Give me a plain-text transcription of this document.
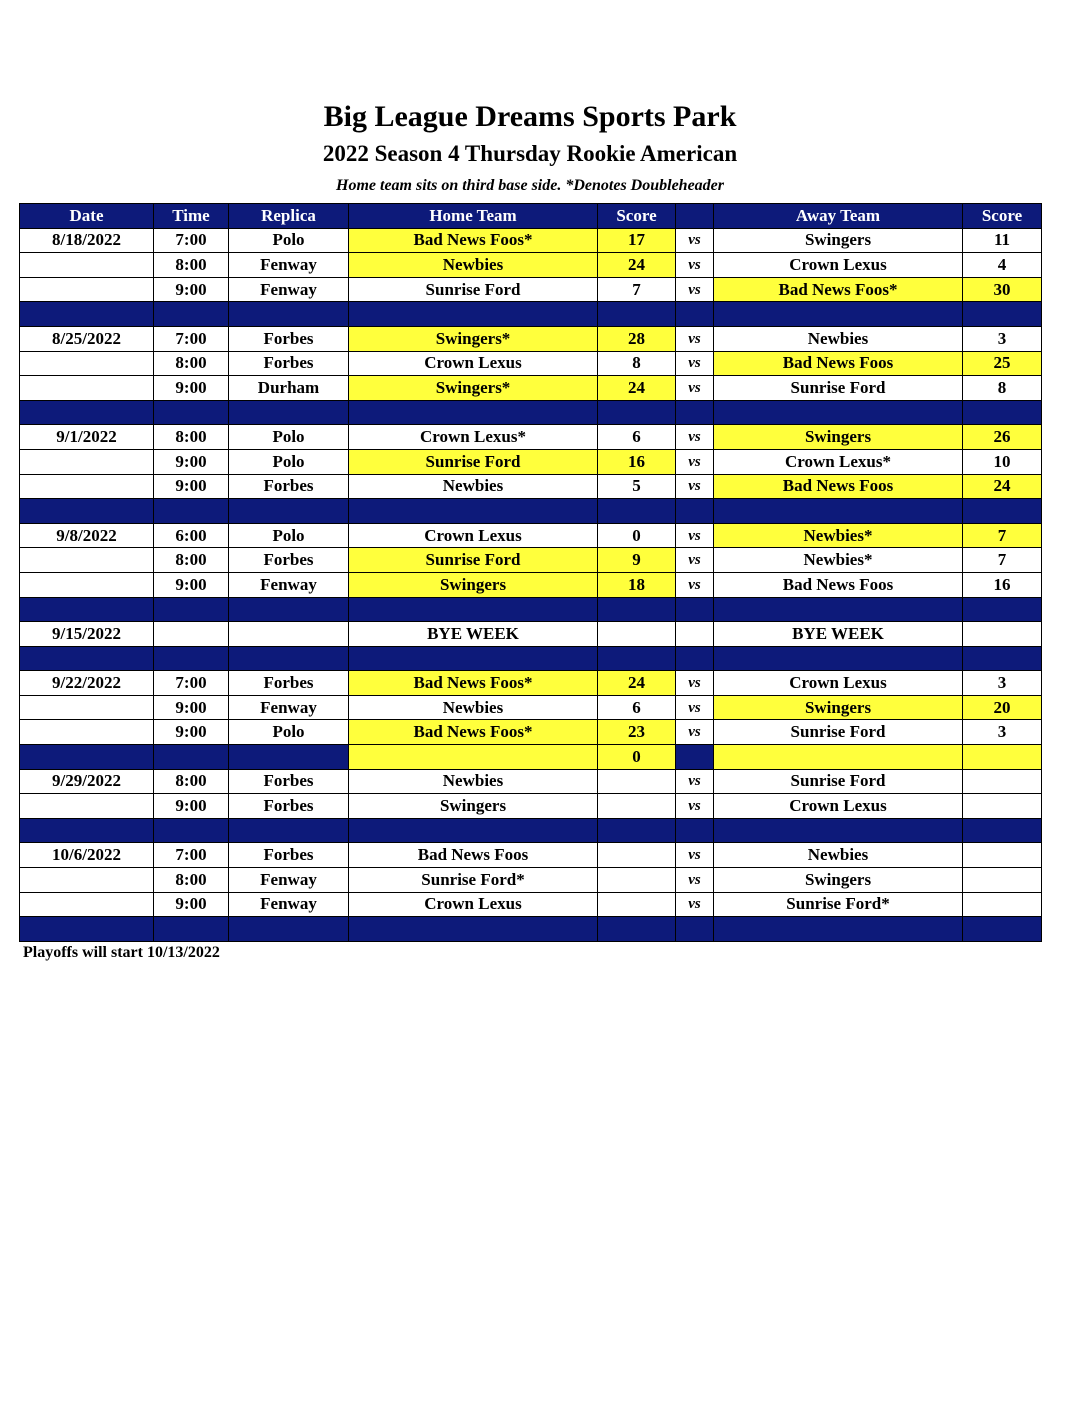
Big League Dreams Sports Park
2022 Season 4 Thursday Rookie American
Home team sits on third base side. *Denotes Doubleheader
Date	Time	Replica	Home Team	Score		Away Team	Score
8/18/2022	7:00	Polo	Bad News Foos*	17	vs	Swingers	11
	8:00	Fenway	Newbies	24	vs	Crown Lexus	4
	9:00	Fenway	Sunrise Ford	7	vs	Bad News Foos*	30

8/25/2022	7:00	Forbes	Swingers*	28	vs	Newbies	3
	8:00	Forbes	Crown Lexus	8	vs	Bad News Foos	25
	9:00	Durham	Swingers*	24	vs	Sunrise Ford	8

9/1/2022	8:00	Polo	Crown Lexus*	6	vs	Swingers	26
	9:00	Polo	Sunrise Ford	16	vs	Crown Lexus*	10
	9:00	Forbes	Newbies	5	vs	Bad News Foos	24

9/8/2022	6:00	Polo	Crown Lexus	0	vs	Newbies*	7
	8:00	Forbes	Sunrise Ford	9	vs	Newbies*	7
	9:00	Fenway	Swingers	18	vs	Bad News Foos	16

9/15/2022			BYE WEEK			BYE WEEK	

9/22/2022	7:00	Forbes	Bad News Foos*	24	vs	Crown Lexus	3
	9:00	Fenway	Newbies	6	vs	Swingers	20
	9:00	Polo	Bad News Foos*	23	vs	Sunrise Ford	3
				0			
9/29/2022	8:00	Forbes	Newbies		vs	Sunrise Ford	
	9:00	Forbes	Swingers		vs	Crown Lexus	

10/6/2022	7:00	Forbes	Bad News Foos		vs	Newbies	
	8:00	Fenway	Sunrise Ford*		vs	Swingers	
	9:00	Fenway	Crown Lexus		vs	Sunrise Ford*	

Playoffs will start 10/13/2022
